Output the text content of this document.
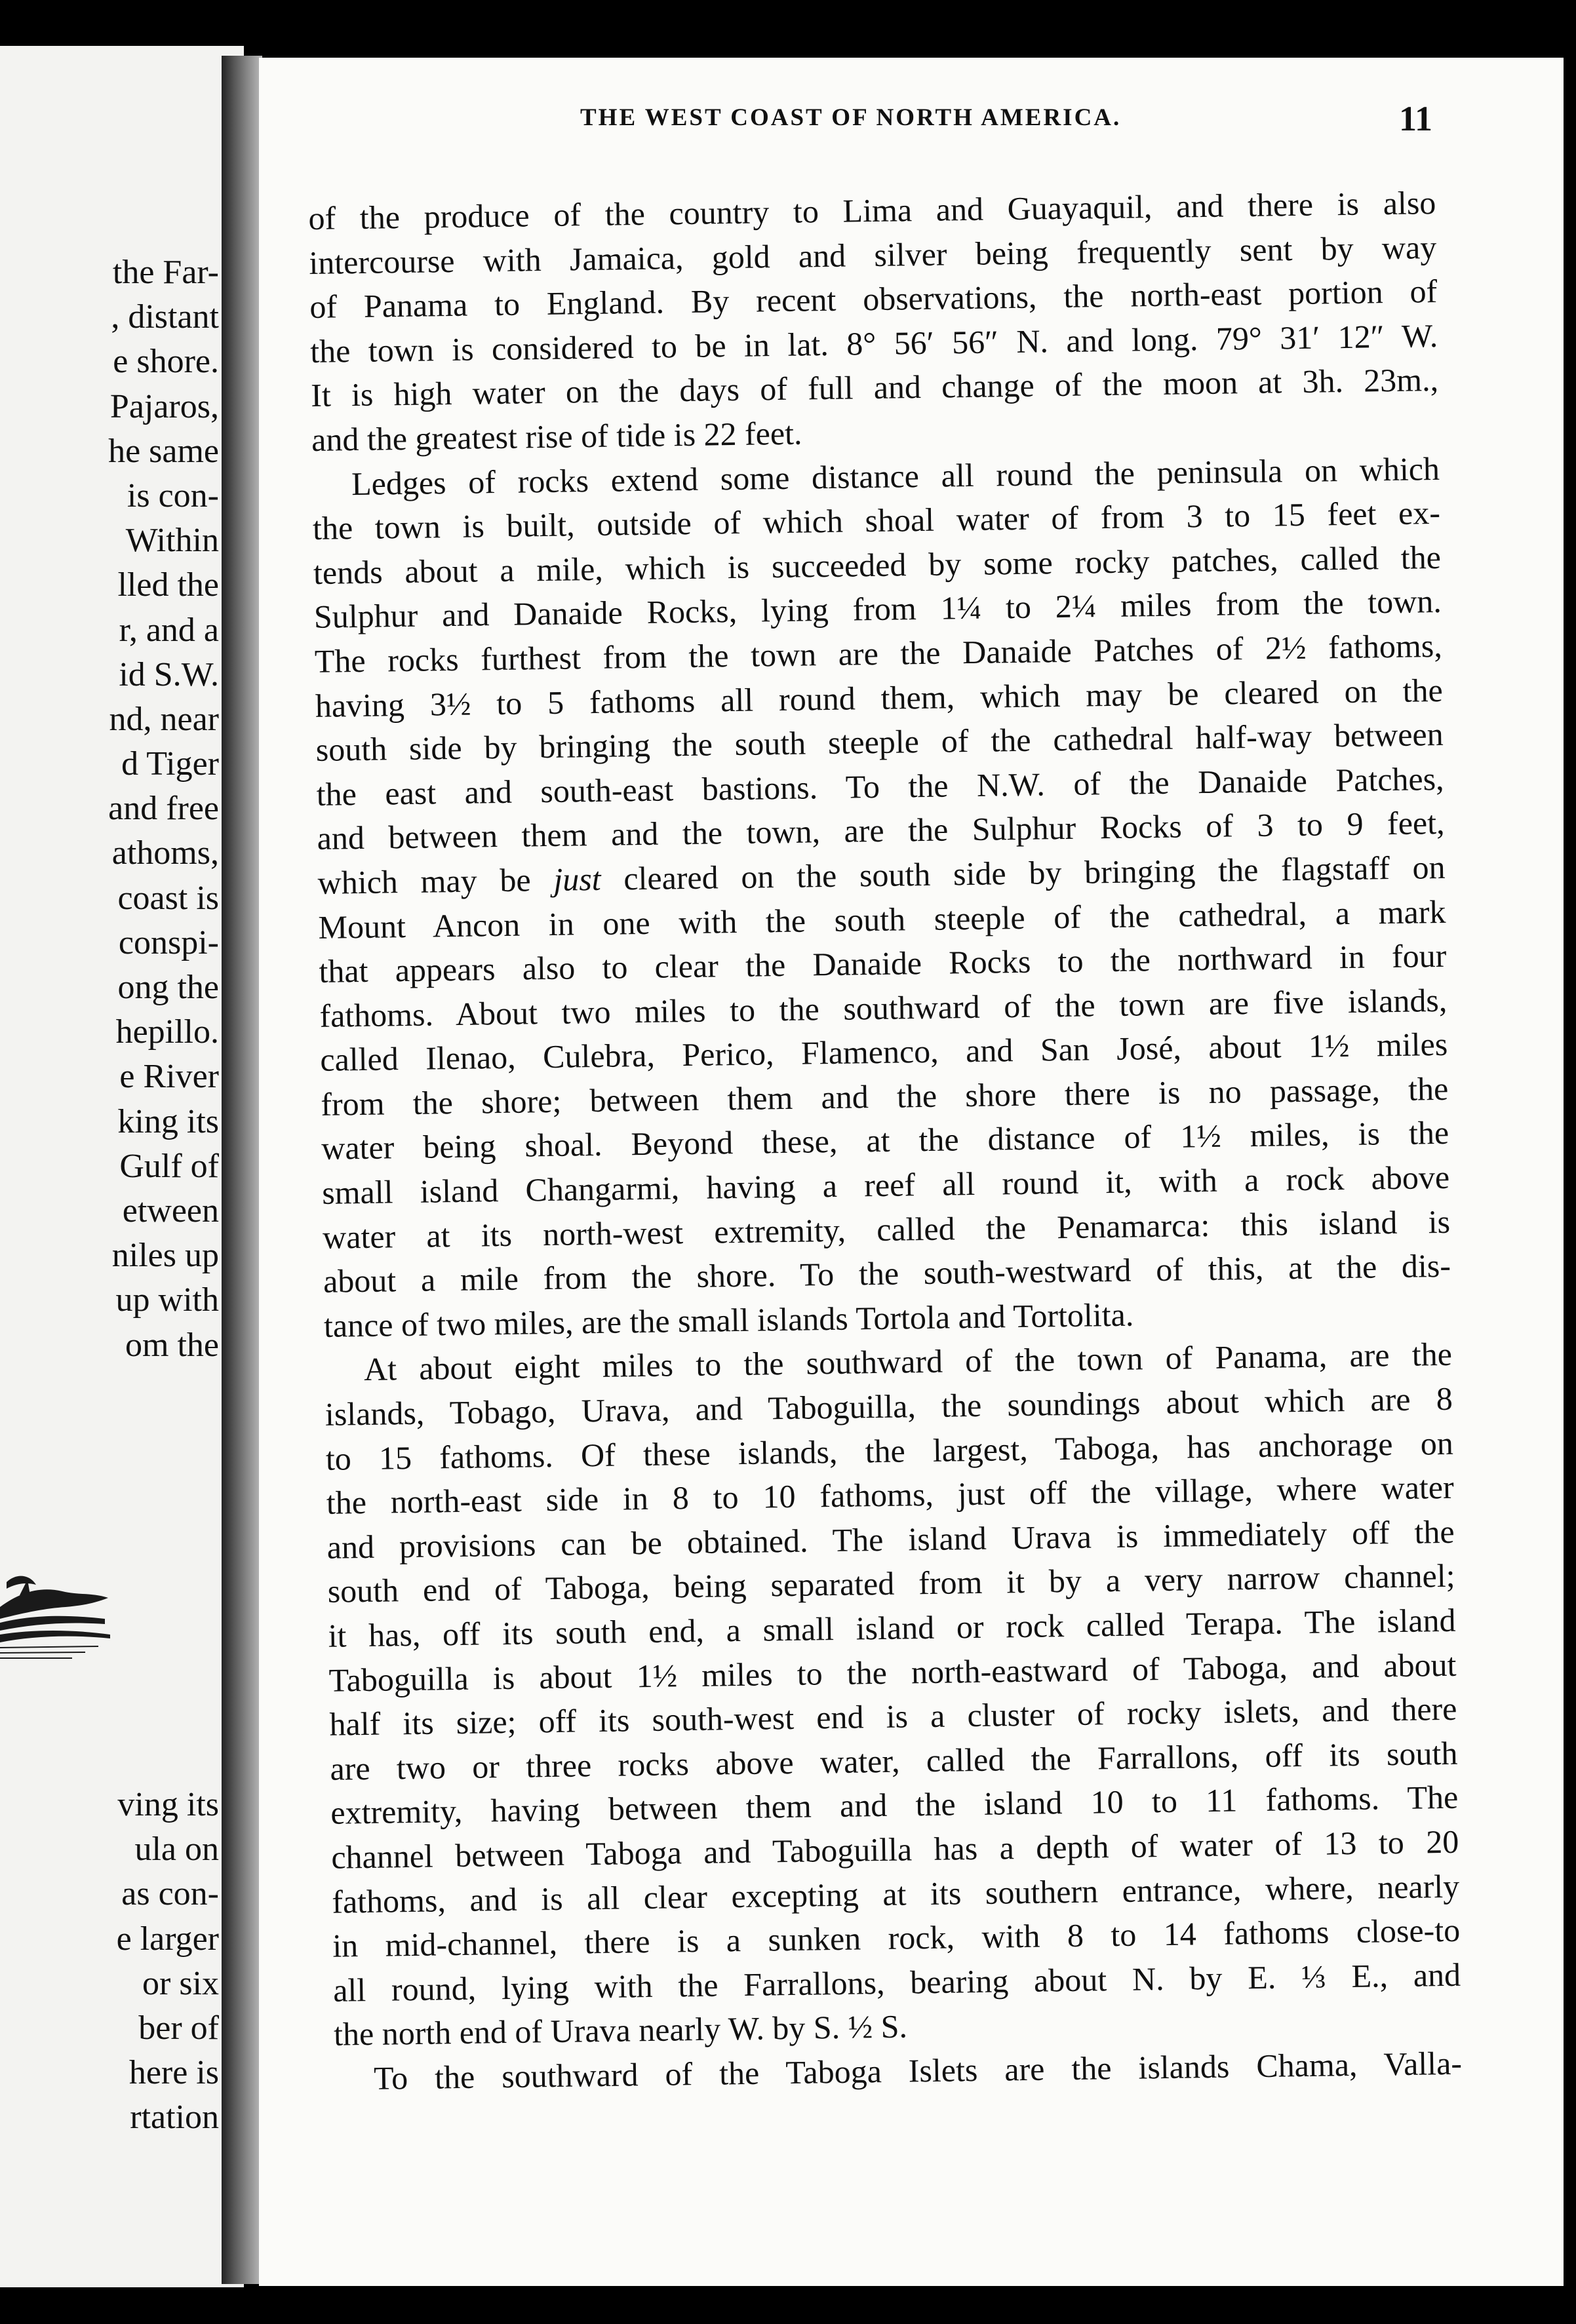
the Far-
, distant
e shore.
Pajaros,
he same
is con-
Within
lled the
r, and a
id S.W.
nd, near
d Tiger
and free
athoms,
coast is
conspi-
ong the
hepillo.
e River
king its
Gulf of
etween
niles up
up with
om the
ving its
ula on
as con-
e larger
or six
ber of
here is
rtation
THE WEST COAST OF NORTH AMERICA.	11
of the produce of the country to Lima and Guayaquil, and there is also
intercourse with Jamaica, gold and silver being frequently sent by way
of Panama to England. By recent observations, the north-east portion of
the town is considered to be in lat. 8° 56′ 56″ N. and long. 79° 31′ 12″ W.
It is high water on the days of full and change of the moon at 3h. 23m.,
and the greatest rise of tide is 22 feet.
Ledges of rocks extend some distance all round the peninsula on which
the town is built, outside of which shoal water of from 3 to 15 feet ex-
tends about a mile, which is succeeded by some rocky patches, called the
Sulphur and Danaide Rocks, lying from 1¼ to 2¼ miles from the town.
The rocks furthest from the town are the Danaide Patches of 2½ fathoms,
having 3½ to 5 fathoms all round them, which may be cleared on the
south side by bringing the south steeple of the cathedral half-way between
the east and south-east bastions. To the N.W. of the Danaide Patches,
and between them and the town, are the Sulphur Rocks of 3 to 9 feet,
which may be just cleared on the south side by bringing the flagstaff on
Mount Ancon in one with the south steeple of the cathedral, a mark
that appears also to clear the Danaide Rocks to the northward in four
fathoms. About two miles to the southward of the town are five islands,
called Ilenao, Culebra, Perico, Flamenco, and San José, about 1½ miles
from the shore; between them and the shore there is no passage, the
water being shoal. Beyond these, at the distance of 1½ miles, is the
small island Changarmi, having a reef all round it, with a rock above
water at its north-west extremity, called the Penamarca: this island is
about a mile from the shore. To the south-westward of this, at the dis-
tance of two miles, are the small islands Tortola and Tortolita.
At about eight miles to the southward of the town of Panama, are the
islands, Tobago, Urava, and Taboguilla, the soundings about which are 8
to 15 fathoms. Of these islands, the largest, Taboga, has anchorage on
the north-east side in 8 to 10 fathoms, just off the village, where water
and provisions can be obtained. The island Urava is immediately off the
south end of Taboga, being separated from it by a very narrow channel;
it has, off its south end, a small island or rock called Terapa. The island
Taboguilla is about 1½ miles to the north-eastward of Taboga, and about
half its size; off its south-west end is a cluster of rocky islets, and there
are two or three rocks above water, called the Farrallons, off its south
extremity, having between them and the island 10 to 11 fathoms. The
channel between Taboga and Taboguilla has a depth of water of 13 to 20
fathoms, and is all clear excepting at its southern entrance, where, nearly
in mid-channel, there is a sunken rock, with 8 to 14 fathoms close-to
all round, lying with the Farrallons, bearing about N. by E. ⅓ E., and
the north end of Urava nearly W. by S. ½ S.
To the southward of the Taboga Islets are the islands Chama, Valla-
